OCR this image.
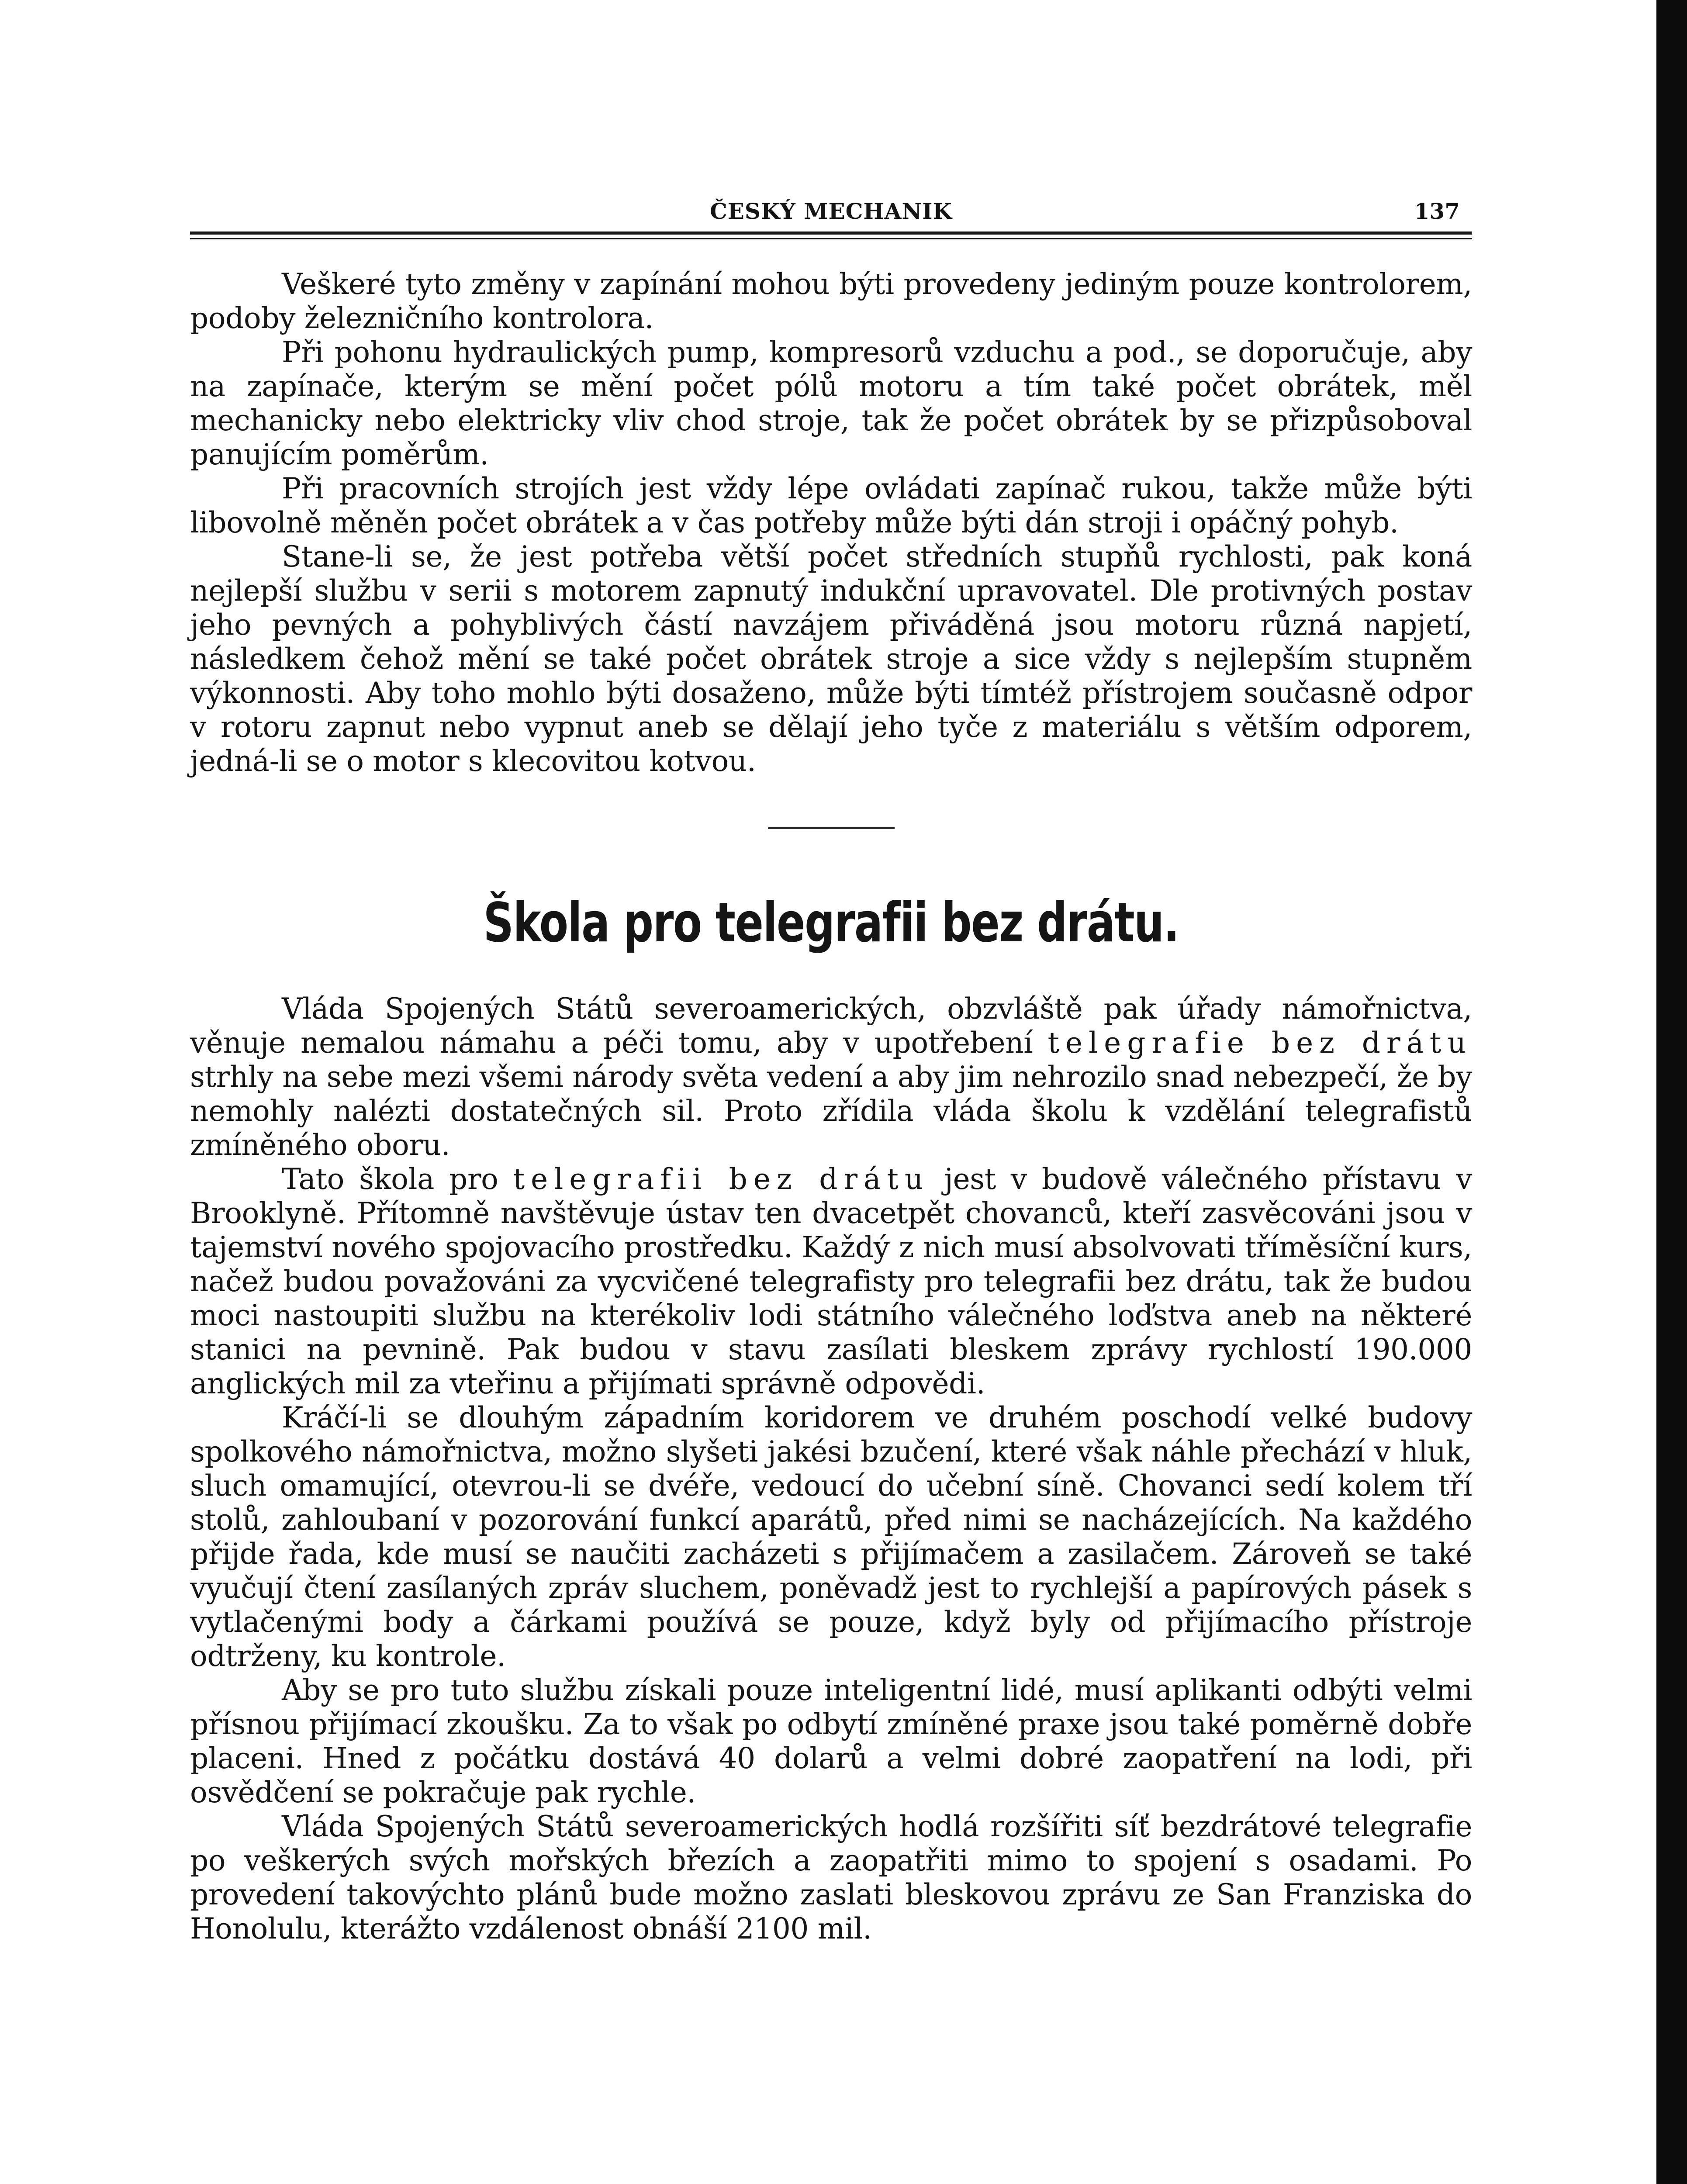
ČESKÝ MECHANIK	137

Veškeré tyto změny v zapínání mohou býti provedeny jediným pouze kontrolorem, podoby železničního kontrolora.

Při pohonu hydraulických pump, kompresorů vzduchu a pod., se doporučuje, aby na zapínače, kterým se mění počet pólů motoru a tím také počet obrátek, měl mechanicky nebo elektricky vliv chod stroje, tak že počet obrátek by se přizpůsoboval panujícím poměrům.

Při pracovních strojích jest vždy lépe ovládati zapínač rukou, takže může býti libovolně měněn počet obrátek a v čas potřeby může býti dán stroji i opáčný pohyb.

Stane-li se, že jest potřeba větší počet středních stupňů rychlosti, pak koná nejlepší službu v serii s motorem zapnutý indukční upravovatel. Dle protivných postav jeho pevných a pohyblivých částí navzájem přiváděná jsou motoru různá napjetí, následkem čehož mění se také počet obrátek stroje a sice vždy s nejlepším stupněm výkonnosti. Aby toho mohlo býti dosaženo, může býti tímtéž přístrojem současně odpor v rotoru zapnut nebo vypnut aneb se dělají jeho tyče z materiálu s větším odporem, jedná-li se o motor s klecovitou kotvou.

Škola pro telegrafii bez drátu.

Vláda Spojených Států severoamerických, obzvláště pak úřady námořnictva, věnuje nemalou námahu a péči tomu, aby v upotřebení telegrafie bez drátu strhly na sebe mezi všemi národy světa vedení a aby jim nehrozilo snad nebezpečí, že by nemohly nalézti dostatečných sil. Proto zřídila vláda školu k vzdělání telegrafistů zmíněného oboru.

Tato škola pro telegrafii bez drátu jest v budově válečného přístavu v Brooklyně. Přítomně navštěvuje ústav ten dvacetpět chovanců, kteří zasvěcováni jsou v tajemství nového spojovacího prostředku. Každý z nich musí absolvovati tříměsíční kurs, načež budou považováni za vycvičené telegrafisty pro telegrafii bez drátu, tak že budou moci nastoupiti službu na kterékoliv lodi státního válečného loďstva aneb na některé stanici na pevnině. Pak budou v stavu zasílati bleskem zprávy rychlostí 190.000 anglických mil za vteřinu a přijímati správně odpovědi.

Kráčí-li se dlouhým západním koridorem ve druhém poschodí velké budovy spolkového námořnictva, možno slyšeti jakési bzučení, které však náhle přechází v hluk, sluch omamující, otevrou-li se dvéře, vedoucí do učební síně. Chovanci sedí kolem tří stolů, zahloubaní v pozorování funkcí aparátů, před nimi se nacházejících. Na každého přijde řada, kde musí se naučiti zacházeti s přijímačem a zasilačem. Zároveň se také vyučují čtení zasílaných zpráv sluchem, poněvadž jest to rychlejší a papírových pásek s vytlačenými body a čárkami používá se pouze, když byly od přijímacího přístroje odtrženy, ku kontrole.

Aby se pro tuto službu získali pouze inteligentní lidé, musí aplikanti odbýti velmi přísnou přijímací zkoušku. Za to však po odbytí zmíněné praxe jsou také poměrně dobře placeni. Hned z počátku dostává 40 dolarů a velmi dobré zaopatření na lodi, při osvědčení se pokračuje pak rychle.

Vláda Spojených Států severoamerických hodlá rozšířiti síť bezdrátové telegrafie po veškerých svých mořských březích a zaopatřiti mimo to spojení s osadami. Po provedení takovýchto plánů bude možno zaslati bleskovou zprávu ze San Franziska do Honolulu, kterážto vzdálenost obnáší 2100 mil.
